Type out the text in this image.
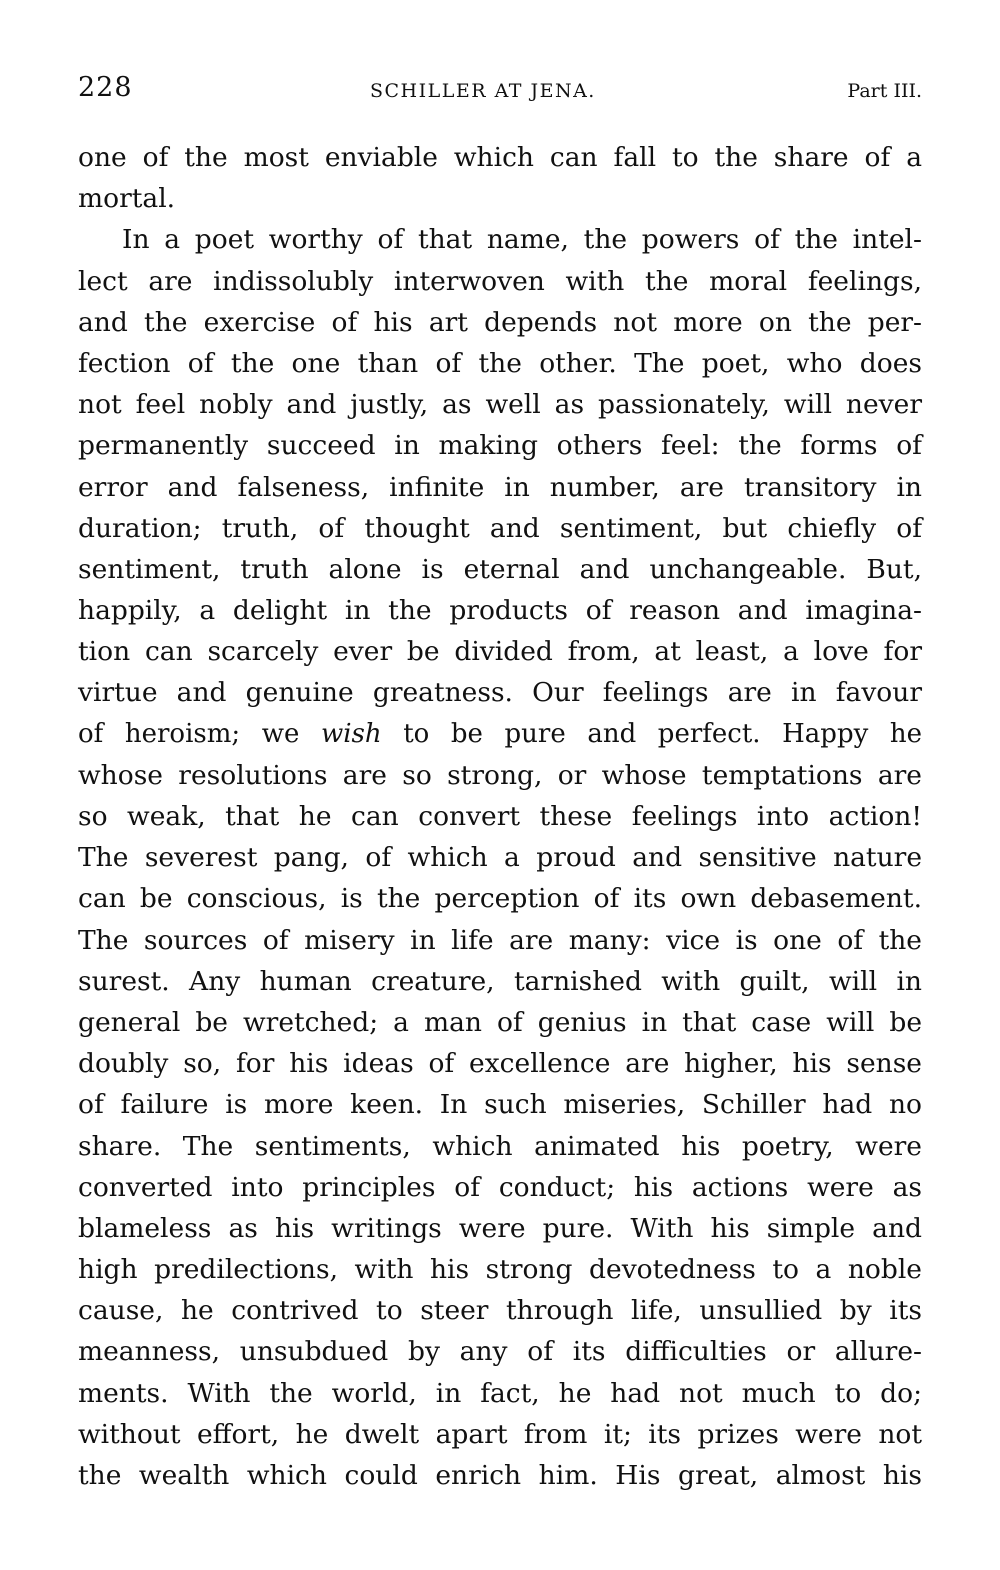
228	SCHILLER AT JENA.	Part III.
one of the most enviable which can fall to the share of a
mortal.
In a poet worthy of that name, the powers of the intel-
lect are indissolubly interwoven with the moral feelings,
and the exercise of his art depends not more on the per-
fection of the one than of the other. The poet, who does
not feel nobly and justly, as well as passionately, will never
permanently succeed in making others feel: the forms of
error and falseness, infinite in number, are transitory in
duration; truth, of thought and sentiment, but chiefly of
sentiment, truth alone is eternal and unchangeable. But,
happily, a delight in the products of reason and imagina-
tion can scarcely ever be divided from, at least, a love for
virtue and genuine greatness. Our feelings are in favour
of heroism; we wish to be pure and perfect. Happy he
whose resolutions are so strong, or whose temptations are
so weak, that he can convert these feelings into action!
The severest pang, of which a proud and sensitive nature
can be conscious, is the perception of its own debasement.
The sources of misery in life are many: vice is one of the
surest. Any human creature, tarnished with guilt, will in
general be wretched; a man of genius in that case will be
doubly so, for his ideas of excellence are higher, his sense
of failure is more keen. In such miseries, Schiller had no
share. The sentiments, which animated his poetry, were
converted into principles of conduct; his actions were as
blameless as his writings were pure. With his simple and
high predilections, with his strong devotedness to a noble
cause, he contrived to steer through life, unsullied by its
meanness, unsubdued by any of its difficulties or allure-
ments. With the world, in fact, he had not much to do;
without effort, he dwelt apart from it; its prizes were not
the wealth which could enrich him. His great, almost his
